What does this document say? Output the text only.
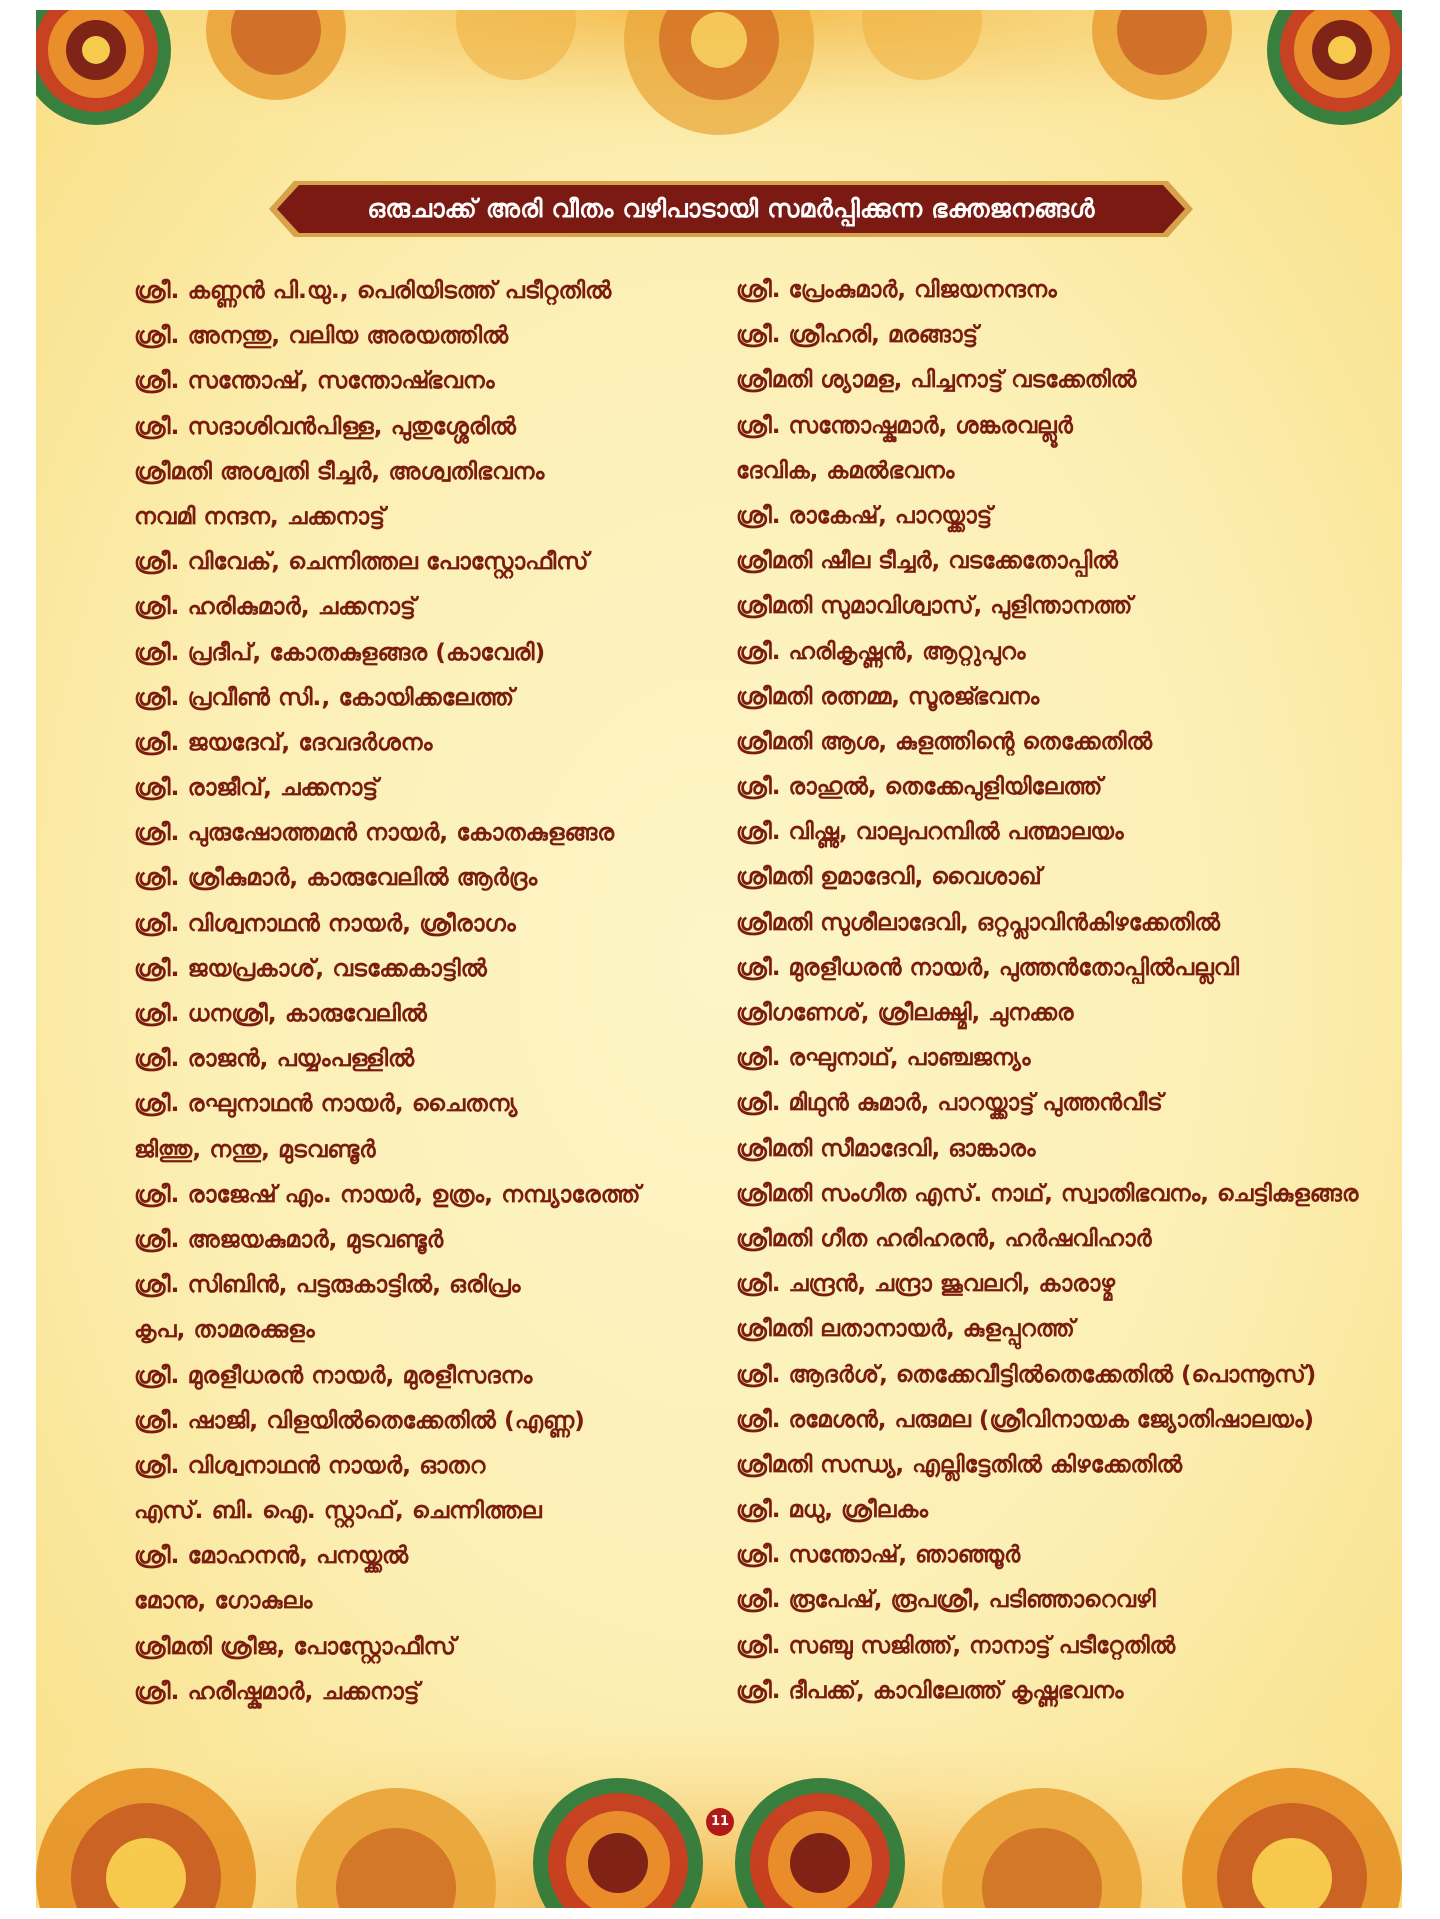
ഒരുചാക്ക് അരി വീതം വഴിപാടായി സമർപ്പിക്കുന്ന ഭക്തജനങ്ങൾ
ശ്രീ. കണ്ണൻ പി.യു., പെരിയിടത്ത് പടീറ്റതിൽ
ശ്രീ. അനന്തു, വലിയ അരയത്തിൽ
ശ്രീ. സന്തോഷ്, സന്തോഷ്ഭവനം
ശ്രീ. സദാശിവൻപിള്ള, പുതുശ്ശേരിൽ
ശ്രീമതി അശ്വതി ടീച്ചർ, അശ്വതിഭവനം
നവമി നന്ദന, ചക്കനാട്ട്
ശ്രീ. വിവേക്, ചെന്നിത്തല പോസ്റ്റോഫീസ്
ശ്രീ. ഹരികുമാർ, ചക്കനാട്ട്
ശ്രീ. പ്രദീപ്, കോതകുളങ്ങര (കാവേരി)
ശ്രീ. പ്രവീൺ സി., കോയിക്കലേത്ത്
ശ്രീ. ജയദേവ്, ദേവദർശനം
ശ്രീ. രാജീവ്, ചക്കനാട്ട്
ശ്രീ. പുരുഷോത്തമൻ നായർ, കോതകുളങ്ങര
ശ്രീ. ശ്രീകുമാർ, കാരുവേലിൽ ആർദ്രം
ശ്രീ. വിശ്വനാഥൻ നായർ, ശ്രീരാഗം
ശ്രീ. ജയപ്രകാശ്, വടക്കേകാട്ടിൽ
ശ്രീ. ധനശ്രീ, കാരുവേലിൽ
ശ്രീ. രാജൻ, പയ്യംപള്ളിൽ
ശ്രീ. രഘുനാഥൻ നായർ, ചൈതന്യ
ജിത്തു, നന്തു, മുടവണ്ടൂർ
ശ്രീ. രാജേഷ് എം. നായർ, ഉത്രം, നമ്പ്യാരേത്ത്
ശ്രീ. അജയകുമാർ, മുടവണ്ടൂർ
ശ്രീ. സിബിൻ, പട്ടരുകാട്ടിൽ, ഒരിപ്രം
കൃപ, താമരക്കുളം
ശ്രീ. മുരളീധരൻ നായർ, മുരളീസദനം
ശ്രീ. ഷാജി, വിളയിൽതെക്കേതിൽ (എണ്ണ)
ശ്രീ. വിശ്വനാഥൻ നായർ, ഓതറ
എസ്. ബി. ഐ. സ്റ്റാഫ്, ചെന്നിത്തല
ശ്രീ. മോഹനൻ, പനയ്ക്കൽ
മോനു, ഗോകുലം
ശ്രീമതി ശ്രീജ, പോസ്റ്റോഫീസ്
ശ്രീ. ഹരീഷ്കുമാർ, ചക്കനാട്ട്
ശ്രീ. പ്രേംകുമാർ, വിജയനന്ദനം
ശ്രീ. ശ്രീഹരി, മരങ്ങാട്ട്
ശ്രീമതി ശ്യാമള, പിച്ചനാട്ട് വടക്കേതിൽ
ശ്രീ. സന്തോഷ്കുമാർ, ശങ്കരവല്ലൂർ
ദേവിക, കമൽഭവനം
ശ്രീ. രാകേഷ്, പാറയ്ക്കാട്ട്
ശ്രീമതി ഷീല ടീച്ചർ, വടക്കേതോപ്പിൽ
ശ്രീമതി സുമാവിശ്വാസ്, പുളിന്താനത്ത്
ശ്രീ. ഹരികൃഷ്ണൻ, ആറ്റുപുറം
ശ്രീമതി രത്നമ്മ, സൂരജ്ഭവനം
ശ്രീമതി ആശ, കുളത്തിന്റെ തെക്കേതിൽ
ശ്രീ. രാഹുൽ, തെക്കേപുളിയിലേത്ത്
ശ്രീ. വിഷ്ണു, വാലുപറമ്പിൽ പത്മാലയം
ശ്രീമതി ഉമാദേവി, വൈശാഖ്
ശ്രീമതി സുശീലാദേവി, ഒറ്റപ്ലാവിൻകിഴക്കേതിൽ
ശ്രീ. മുരളീധരൻ നായർ, പുത്തൻതോപ്പിൽപല്ലവി
ശ്രീഗണേശ്, ശ്രീലക്ഷ്മി, ചുനക്കര
ശ്രീ. രഘുനാഥ്, പാഞ്ചജന്യം
ശ്രീ. മിഥുൻ കുമാർ, പാറയ്ക്കാട്ട് പുത്തൻവീട്
ശ്രീമതി സീമാദേവി, ഓങ്കാരം
ശ്രീമതി സംഗീത എസ്. നാഥ്, സ്വാതിഭവനം, ചെട്ടികുളങ്ങര
ശ്രീമതി ഗീത ഹരിഹരൻ, ഹർഷവിഹാർ
ശ്രീ. ചന്ദ്രൻ, ചന്ദ്രാ ജൂവലറി, കാരാഴ്മ
ശ്രീമതി ലതാനായർ, കുളപ്പുറത്ത്
ശ്രീ. ആദർശ്, തെക്കേവീട്ടിൽതെക്കേതിൽ (പൊന്നൂസ്)
ശ്രീ. രമേശൻ, പരുമല (ശ്രീവിനായക ജ്യോതിഷാലയം)
ശ്രീമതി സന്ധ്യ, എല്ലിട്ടേതിൽ കിഴക്കേതിൽ
ശ്രീ. മധു, ശ്രീലകം
ശ്രീ. സന്തോഷ്, ഞാഞ്ഞൂർ
ശ്രീ. രൂപേഷ്, രൂപശ്രീ, പടിഞ്ഞാറെവഴി
ശ്രീ. സഞ്ചു സജിത്ത്, നാനാട്ട് പടീറ്റേതിൽ
ശ്രീ. ദീപക്ക്, കാവിലേത്ത് കൃഷ്ണഭവനം
11
